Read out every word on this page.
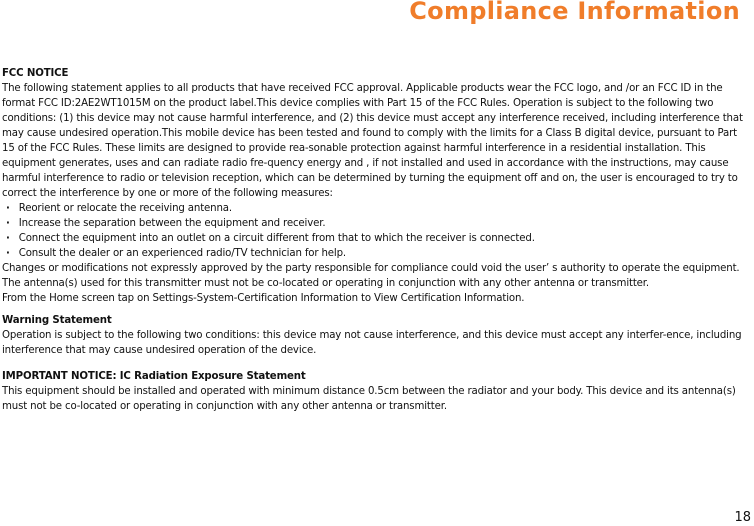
Compliance Information
FCC NOTICE

The following statement applies to all products that have received FCC approval. Applicable products wear the FCC logo, and /or an FCC ID in the format FCC ID:2AE2WT1015M on the product label.This device complies with Part 15 of the FCC Rules. Operation is subject to the following two conditions: (1) this device may not cause harmful interference, and (2) this device must accept any interference received, including interference that may cause undesired operation.This mobile device has been tested and found to comply with the limits for a Class B digital device, pursuant to Part 15 of the FCC Rules. These limits are designed to provide rea-sonable protection against harmful interference in a residential installation. This equipment generates, uses and can radiate radio fre-quency energy and , if not installed and used in accordance with the instructions, may cause harmful interference to radio or television reception, which can be determined by turning the equipment off and on, the user is encouraged to try to correct the interference by one or more of the following measures:

· Reorient or relocate the receiving antenna.
· Increase the separation between the equipment and receiver.
· Connect the equipment into an outlet on a circuit different from that to which the receiver is connected.
· Consult the dealer or an experienced radio/TV technician for help.

Changes or modifications not expressly approved by the party responsible for compliance could void the user’ s authority to operate the equipment. The antenna(s) used for this transmitter must not be co-located or operating in conjunction with any other antenna or transmitter.

From the Home screen tap on Settings-System-Certification Information to View Certification Information.

Warning Statement

Operation is subject to the following two conditions: this device may not cause interference, and this device must accept any interfer-ence, including interference that may cause undesired operation of the device.

IMPORTANT NOTICE: IC Radiation Exposure Statement

This equipment should be installed and operated with minimum distance 0.5cm between the radiator and your body. This device and its antenna(s) must not be co-located or operating in conjunction with any other antenna or transmitter.

18
